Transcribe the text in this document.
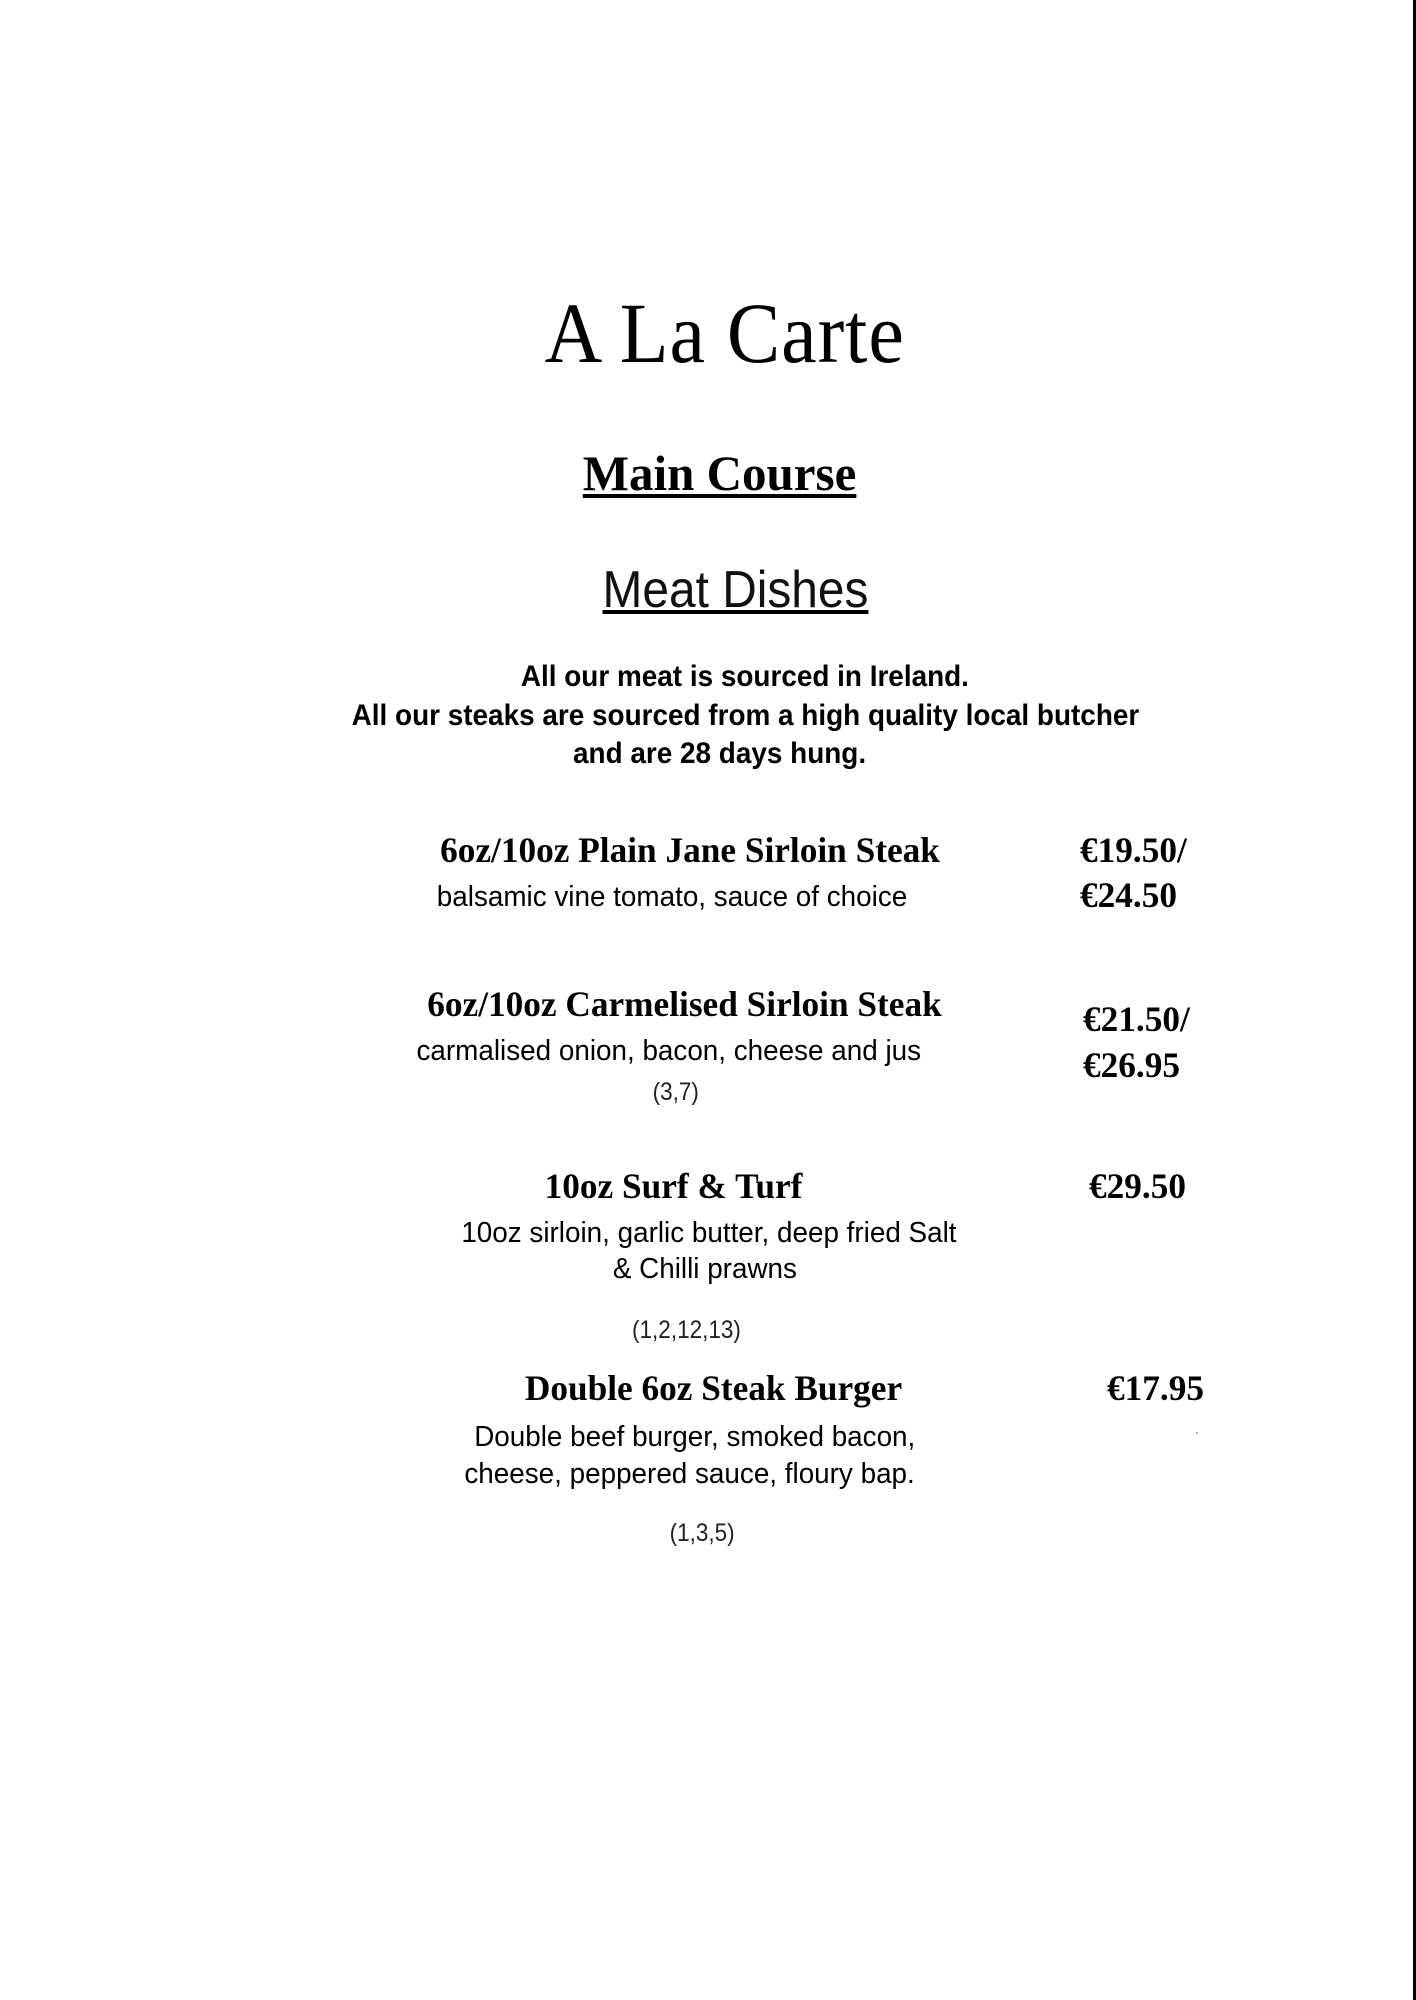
A La Carte
Main Course
Meat Dishes
All our meat is sourced in Ireland.
All our steaks are sourced from a high quality local butcher
and are 28 days hung.
6oz/10oz Plain Jane Sirloin Steak	€19.50/
€24.50
balsamic vine tomato, sauce of choice
6oz/10oz Carmelised Sirloin Steak	€21.50/
€26.95
carmalised onion, bacon, cheese and jus
(3,7)
10oz Surf & Turf	€29.50
10oz sirloin, garlic butter, deep fried Salt
& Chilli prawns
(1,2,12,13)
Double 6oz Steak Burger	€17.95
Double beef burger, smoked bacon,
cheese, peppered sauce, floury bap.
(1,3,5)
